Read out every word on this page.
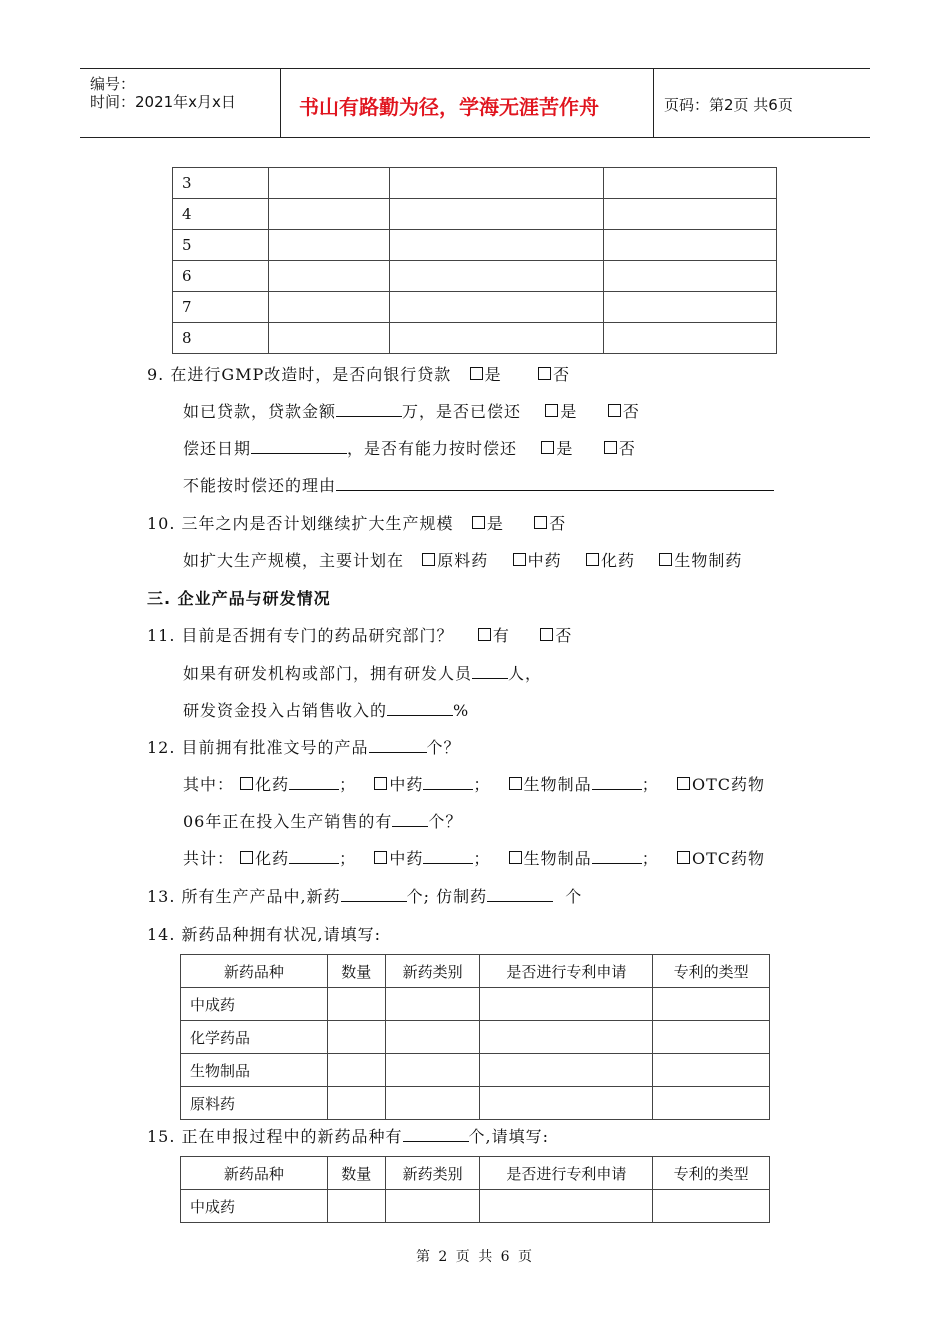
编号：
时间：2021年x月x日	书山有路勤为径，学海无涯苦作舟	页码：第2页 共6页
3			
4			
5			
6			
7			
8			
9. 在进行GMP改造时，是否向银行贷款 是	否
如已贷款，贷款金额	万，是否已偿还 是	否
偿还日期	，是否有能力按时偿还 是	否
不能按时偿还的理由
10. 三年之内是否计划继续扩大生产规模 是	否
如扩大生产规模，主要计划在 原料药 中药 化药 生物制药
三. 企业产品与研发情况
11. 目前是否拥有专门的药品研究部门？ 有	否
如果有研发机构或部门，拥有研发人员 人，
研发资金投入占销售收入的	%
12. 目前拥有批准文号的产品	个？
其中： 化药	；   中药	；   生物制品	；   OTC药物
06年正在投入生产销售的有 个？
共计： 化药	；   中药	；   生物制品	；   OTC药物
13. 所有生产产品中,新药	个; 仿制药	个
14. 新药品种拥有状况,请填写:
新药品种	数量	新药类别	是否进行专利申请	专利的类型
中成药				
化学药品				
生物制品				
原料药				
15. 正在申报过程中的新药品种有	个,请填写:
新药品种	数量	新药类别	是否进行专利申请	专利的类型
中成药				
第 2 页 共 6 页
